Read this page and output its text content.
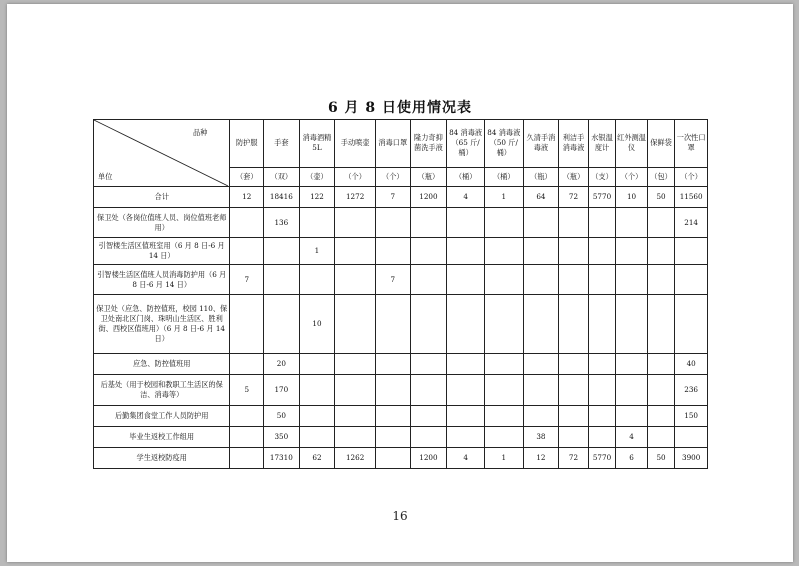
6 月 8 日使用情况表
品种
单位	防护服	手套	消毒酒精 5L	手动喷壶	消毒口罩	隆力奇抑菌洗手液	84 消毒液（65 斤/桶）	84 消毒液（50 斤/桶）	久清手消毒液	利洁手消毒液	水银温度计	红外测温仪	保鲜袋	一次性口罩
	（套）	（双）	（壶）	（个）	（个）	（瓶）	（桶）	（桶）	（瓶）	（瓶）	（支）	（个）	（包）	（个）
合计	12	18416	122	1272	7	1200	4	1	64	72	5770	10	50	11560
保卫处（各岗位值班人员、岗位值班老师用）		136												214
引智楼生活区值班室用（6 月 8 日-6 月 14 日）			1											
引智楼生活区值班人员消毒防护用（6 月 8 日-6 月 14 日）	7				7									
保卫处（应急、防控值班，校园 110、保卫处南北区门岗、珠明山生活区、胜利街、西校区值班用）（6 月 8 日-6 月 14 日）			10											
应急、防控值班用		20												40
后基处（用于校园和教职工生活区的保洁、消毒等）	5	170												236
后勤集团食堂工作人员防护用		50												150
毕业生返校工作组用		350							38			4		
学生返校防疫用		17310	62	1262		1200	4	1	12	72	5770	6	50	3900
16
